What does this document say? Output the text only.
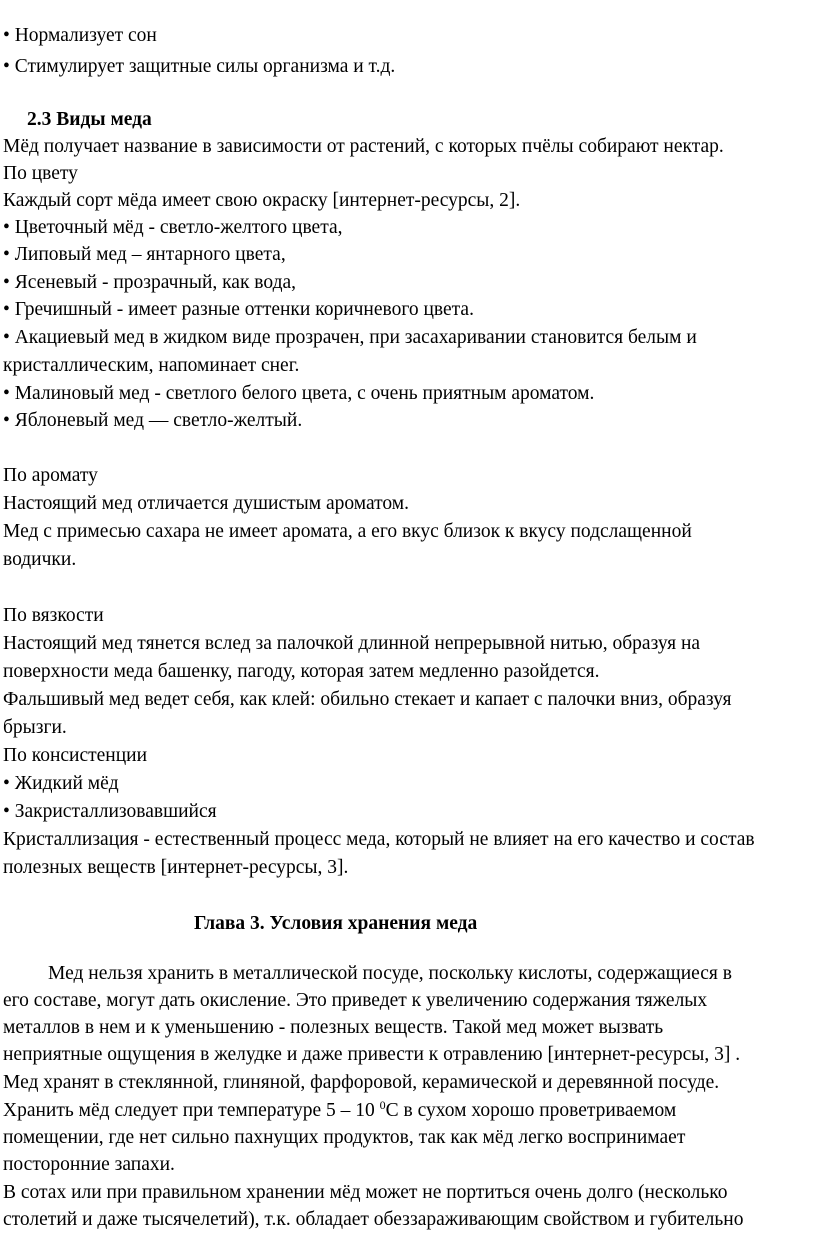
• Нормализует сон
• Стимулирует защитные силы организма и т.д.
2.3 Виды меда
Мёд получает название в зависимости от растений, с которых пчёлы собирают нектар.
По цвету
Каждый сорт мёда имеет свою окраску [интернет-ресурсы, 2].
• Цветочный мёд - светло-желтого цвета,
• Липовый мед – янтарного цвета,
• Ясеневый - прозрачный, как вода,
• Гречишный - имеет разные оттенки коричневого цвета.
• Акациевый мед в жидком виде прозрачен, при засахаривании становится белым и
кристаллическим, напоминает снег.
• Малиновый мед - светлого белого цвета, с очень приятным ароматом.
• Яблоневый мед — светло-желтый.
По аромату
Настоящий мед отличается душистым ароматом.
Мед с примесью сахара не имеет аромата, а его вкус близок к вкусу подслащенной
водички.
По вязкости
Настоящий мед тянется вслед за палочкой длинной непрерывной нитью, образуя на
поверхности меда башенку, пагоду, которая затем медленно разойдется.
Фальшивый мед ведет себя, как клей: обильно стекает и капает с палочки вниз, образуя
брызги.
По консистенции
• Жидкий мёд
• Закристаллизовавшийся
Кристаллизация - естественный процесс меда, который не влияет на его качество и состав
полезных веществ [интернет-ресурсы, 3].
Глава 3. Условия хранения меда
Мед нельзя хранить в металлической посуде, поскольку кислоты, содержащиеся в
его составе, могут дать окисление. Это приведет к увеличению содержания тяжелых
металлов в нем и к уменьшению - полезных веществ. Такой мед может вызвать
неприятные ощущения в желудке и даже привести к отравлению [интернет-ресурсы, 3] .
Мед хранят в стеклянной, глиняной, фарфоровой, керамической и деревянной посуде.
Хранить мёд следует при температуре 5 – 10 $^0$С в сухом хорошо проветриваемом
помещении, где нет сильно пахнущих продуктов, так как мёд легко воспринимает
посторонние запахи.
В сотах или при правильном хранении мёд может не портиться очень долго (несколько
столетий и даже тысячелетий), т.к. обладает обеззараживающим свойством и губительно
